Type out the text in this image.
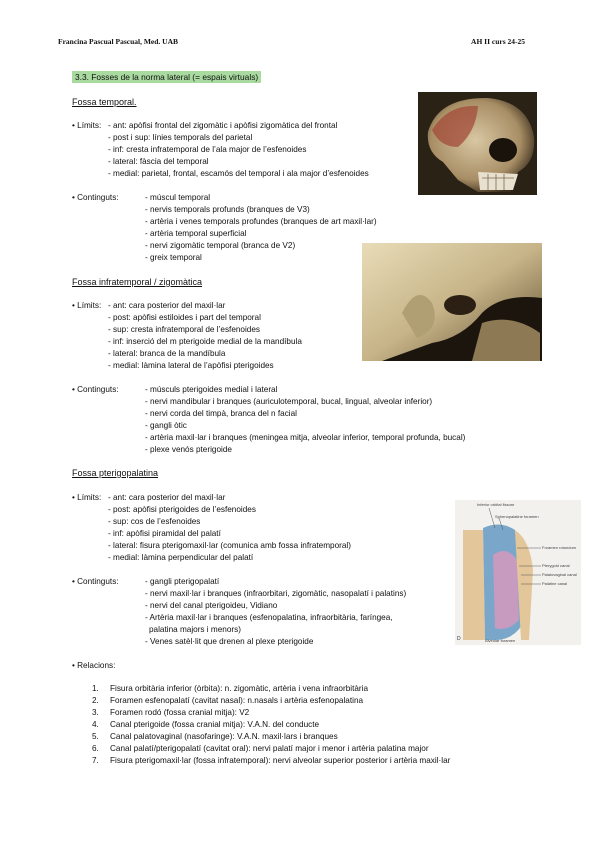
Francina Pascual Pascual, Med. UAB	AH II curs 24-25
3.3. Fosses de la norma lateral (= espais virtuals)
Inferior orbital fissure
Sphenopalatine foramen
Foramen rotundum
Pterygoid canal
Palatovaginal canal
Palatine canal
D	Alveolar foramen
Fossa temporal.
• Límits: - ant: apòfisi frontal del zigomàtic i apòfisi zigomàtica del frontal
- post i sup: línies temporals del parietal
- inf: cresta infratemporal de l’ala major de l’esfenoides
- lateral: fàscia del temporal
- medial: parietal, frontal, escamós del temporal i ala major d’esfenoides
• Continguts:	- múscul temporal
- nervis temporals profunds (branques de V3)
- artèria i venes temporals profundes (branques de art maxil·lar)
- artèria temporal superficial
- nervi zigomàtic temporal (branca de V2)
- greix temporal
Fossa infratemporal / zigomàtica
• Límits: - ant: cara posterior del maxil·lar
- post: apòfisi estiloides i part del temporal
- sup: cresta infratemporal de l’esfenoides
- inf: inserció del m pterigoide medial de la mandíbula
- lateral: branca de la mandíbula
- medial: làmina lateral de l’apòfisi pterigoides
• Continguts:	- músculs pterigoides medial i lateral
- nervi mandibular i branques (auriculotemporal, bucal, lingual, alveolar inferior)
- nervi corda del timpà, branca del n facial
- gangli òtic
- artèria maxil·lar i branques (meningea mitja, alveolar inferior, temporal profunda, bucal)
- plexe venós pterigoide
Fossa pterigopalatina
• Límits: - ant: cara posterior del maxil·lar
- post: apòfisi pterigoides de l’esfenoides
- sup: cos de l’esfenoides
- inf: apòfisi piramidal del palatí
- lateral: fisura pterigomaxil·lar (comunica amb fossa infratemporal)
- medial: làmina perpendicular del palatí
• Continguts:	- gangli pterigopalatí
- nervi maxil·lar i branques (infraorbitari, zigomàtic, nasopalatí i palatins)
- nervi del canal pterigoideu, Vidiano
- Artèria maxil·lar i branques (esfenopalatina, infraorbitària, faríngea,
palatina majors i menors)
- Venes satèl·lit que drenen al plexe pterigoide
• Relacions:
1. Fisura orbitària inferior (òrbita): n. zigomàtic, artèria i vena infraorbitària
2. Foramen esfenopalatí (cavitat nasal): n.nasals i artèria esfenopalatina
3. Foramen rodó (fossa cranial mitja): V2
4. Canal pterigoide (fossa cranial mitja): V.A.N. del conducte
5. Canal palatovaginal (nasofaringe): V.A.N. maxil·lars i branques
6. Canal palatí/pterigopalatí (cavitat oral): nervi palatí major i menor i artèria palatina major
7. Fisura pterigomaxil·lar (fossa infratemporal): nervi alveolar superior posterior i artèria maxil·lar
